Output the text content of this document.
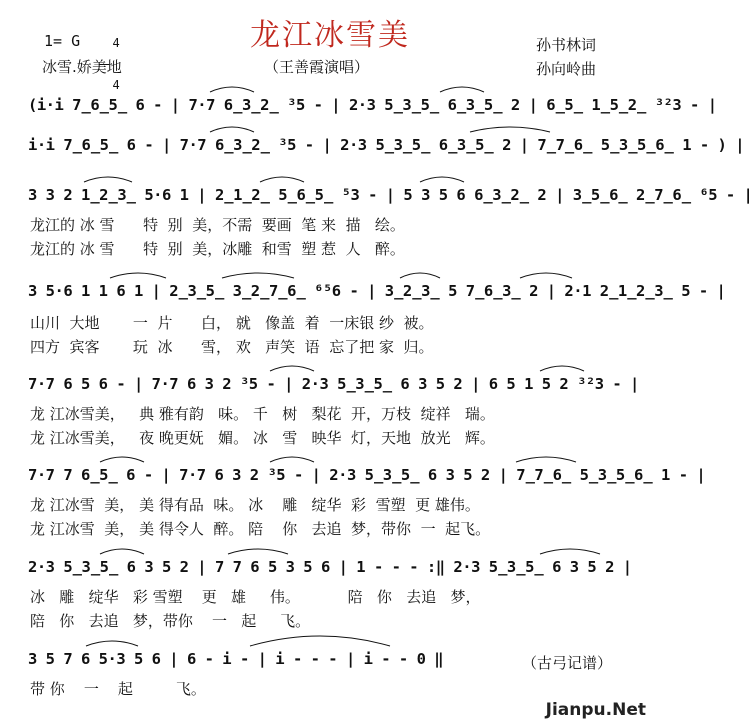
龙江冰雪美
1= G	4

4

冰雪.娇美地	（王善霞演唱）
孙书林词
孙向岭曲
(i·i 7̲6̲5̲ 6 - | 7·7 6̲3̲2̲ ³5 - | 2·3 5̲3̲5̲ 6̲3̲5̲ 2 | 6̲5̲ 1̲5̲2̲ ³²3 - |
i·i 7̲6̲5̲ 6 - | 7·7 6̲3̲2̲ ³5 - | 2·3 5̲3̲5̲ 6̲3̲5̲ 2 | 7̲7̲6̲ 5̲3̲5̲6̲ 1 - ) |
3 3 2 1̲2̲3̲ 5·6 1 | 2̲1̲2̲ 5̲6̲5̲ ⁵3 - | 5 3 5 6 6̲3̲2̲ 2 | 3̲5̲6̲ 2̲7̲6̲ ⁶5 - |
龙江的 冰 雪      特  别  美，不需  要画  笔 来  描   绘。
龙江的 冰 雪      特  别  美，冰雕  和雪  塑 惹  人   醉。
3 5·6 1 1 6 1 | 2̲3̲5̲ 3̲2̲7̲6̲ ⁶⁵6 - | 3̲2̲3̲ 5 7̲6̲3̲ 2 | 2·1 2̲1̲2̲3̲ 5 - |
山川  大地       一  片      白， 就   像盖  着  一床银 纱  被。
四方  宾客       玩  冰      雪， 欢   声笑  语  忘了把 家  归。
7·7 6 5 6 - | 7·7 6 3 2 ³5 - | 2·3 5̲3̲5̲ 6 3 5 2 | 6 5 1 5 2 ³²3 - |
龙 江冰雪美，   典 雅有韵   味。 千   树   梨花  开，万枝  绽祥   瑞。
龙 江冰雪美，   夜 晚更妩   媚。 冰   雪   映华  灯，天地  放光   辉。
7·7 7 6̲5̲ 6 - | 7·7 6 3 2 ³5 - | 2·3 5̲3̲5̲ 6 3 5 2 | 7̲7̲6̲ 5̲3̲5̲6̲ 1 - |
龙 江冰雪  美， 美 得有品  味。 冰    雕   绽华  彩  雪塑  更 雄伟。
龙 江冰雪  美， 美 得令人  醉。 陪    你   去追  梦，带你  一  起飞。
2·3 5̲3̲5̲ 6 3 5 2 | 7 7 6 5 3 5 6 | 1 - - - :‖ 2·3 5̲3̲5̲ 6 3 5 2 |
冰   雕   绽华   彩 雪塑    更   雄     伟。          陪   你   去追   梦，
陪   你   去追   梦，带你    一   起     飞。
3 5 7 6 5·3 5 6 | 6 - i - | i - - - | i - - 0 ‖
带 你    一    起         飞。
（古弓记谱）
Jianpu.Net
